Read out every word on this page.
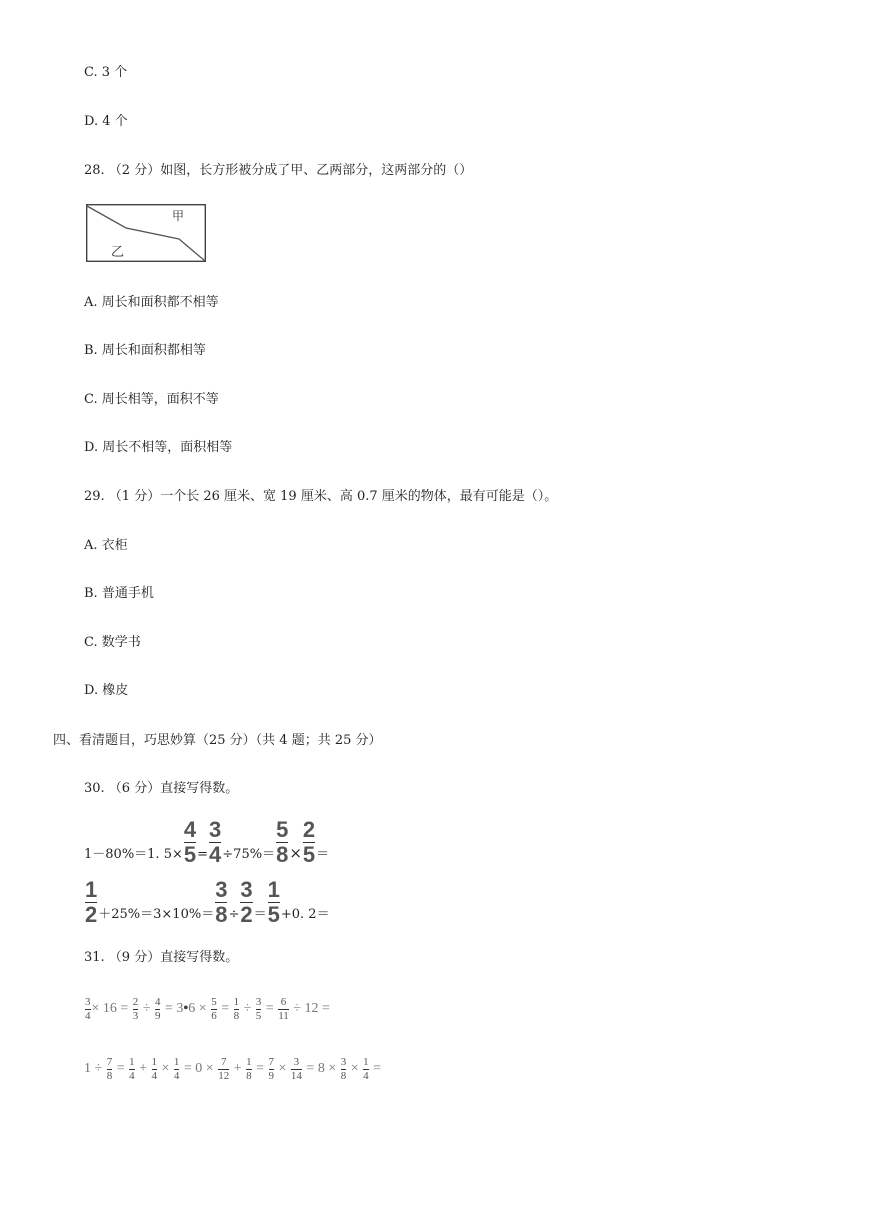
C. 3 个
D. 4 个
28. （2 分）如图，长方形被分成了甲、乙两部分，这两部分的（）
甲
乙
A. 周长和面积都不相等
B. 周长和面积都相等
C. 周长相等，面积不等
D. 周长不相等，面积相等
29. （1 分）一个长 26 厘米、宽 19 厘米、高 0.7 厘米的物体，最有可能是（）。
A. 衣柜
B. 普通手机
C. 数学书
D. 橡皮
四、看清题目，巧思妙算（25 分）（共 4 题；共 25 分）
30. （6 分）直接写得数。
1－80%＝1. $5\times \frac{4}{5} = \frac{3}{4} \div 75\%= \frac{5}{8} \times \frac{2}{5}$ ＝
$\frac{1}{2} +25\%=3\times 10\%= \frac{3}{8} \div \frac{3}{2} = \frac{1}{5} +0$. 2＝
31. （9 分）直接写得数。
$\frac{3}{4} \times 16 = \frac{2}{3} \div \frac{4}{9} = 3$ • $6 \times \frac{5}{6} = \frac{1}{8} \div \frac{3}{5} = \frac{6}{11} \div 12$ =
$1 \div \frac{7}{8} = \frac{1}{4} + \frac{1}{4} \times \frac{1}{4} = 0 \times \frac{7}{12} + \frac{1}{8} = \frac{7}{9} \times \frac{3}{14} = 8 \times \frac{3}{8} \times \frac{1}{4}$ =
